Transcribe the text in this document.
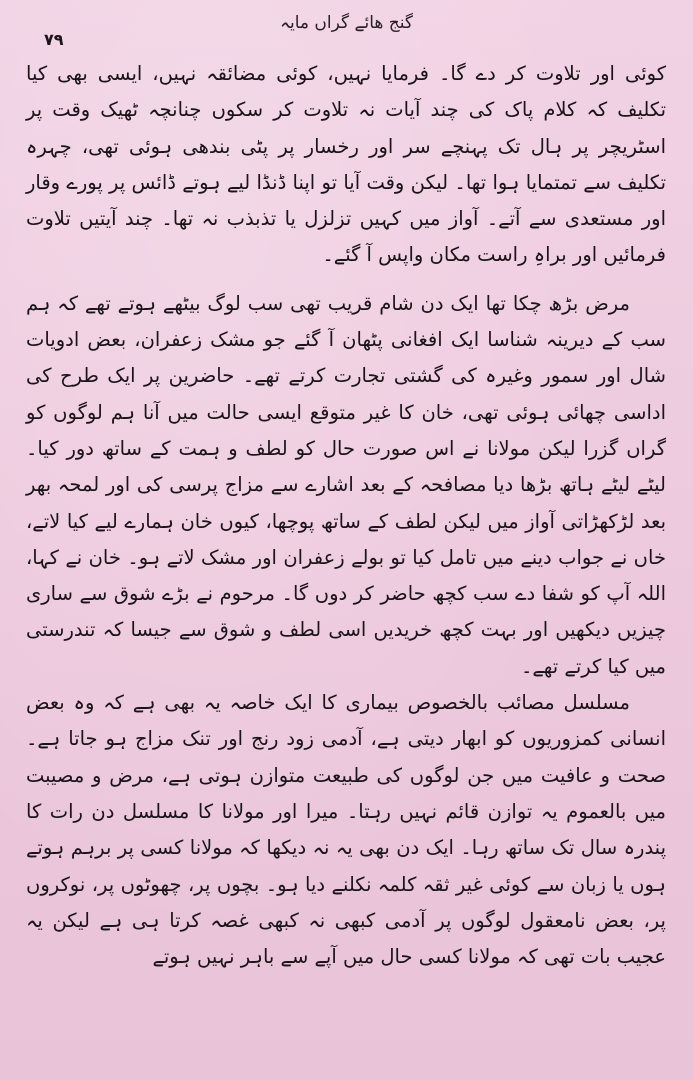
گنج ھائے گراں مایہ
۷۹

کوئی اور تلاوت کر دے گا۔ فرمایا نہیں، کوئی مضائقہ نہیں، ایسی بھی کیا تکلیف کہ کلام پاک کی چند آیات نہ تلاوت کر سکوں چنانچہ ٹھیک وقت پر اسٹریچر پر ہال تک پہنچے سر اور رخسار پر پٹی بندھی ہوئی تھی، چہرہ تکلیف سے تمتمایا ہوا تھا۔ لیکن وقت آیا تو اپنا ڈنڈا لیے ہوتے ڈائس پر پورے وقار اور مستعدی سے آتے۔ آواز میں کہیں تزلزل یا تذبذب نہ تھا۔ چند آیتیں تلاوت فرمائیں اور براہِ راست مکان واپس آ گئے۔

مرض بڑھ چکا تھا ایک دن شام قریب تھی سب لوگ بیٹھے ہوتے تھے کہ ہم سب کے دیرینہ شناسا ایک افغانی پٹھان آ گئے جو مشک زعفران، بعض ادویات شال اور سمور وغیرہ کی گشتی تجارت کرتے تھے۔ حاضرین پر ایک طرح کی اداسی چھائی ہوئی تھی، خان کا غیر متوقع ایسی حالت میں آنا ہم لوگوں کو گراں گزرا لیکن مولانا نے اس صورت حال کو لطف و ہمت کے ساتھ دور کیا۔ لیٹے لیٹے ہاتھ بڑھا دیا مصافحہ کے بعد اشارے سے مزاج پرسی کی اور لمحہ بھر بعد لڑکھڑاتی آواز میں لیکن لطف کے ساتھ پوچھا، کیوں خان ہمارے لیے کیا لاتے، خاں نے جواب دینے میں تامل کیا تو بولے زعفران اور مشک لاتے ہو۔ خان نے کہا، اللہ آپ کو شفا دے سب کچھ حاضر کر دوں گا۔ مرحوم نے بڑے شوق سے ساری چیزیں دیکھیں اور بہت کچھ خریدیں اسی لطف و شوق سے جیسا کہ تندرستی میں کیا کرتے تھے۔

مسلسل مصائب بالخصوص بیماری کا ایک خاصہ یہ بھی ہے کہ وہ بعض انسانی کمزوریوں کو ابھار دیتی ہے، آدمی زود رنج اور تنک مزاج ہو جاتا ہے۔ صحت و عافیت میں جن لوگوں کی طبیعت متوازن ہوتی ہے، مرض و مصیبت میں بالعموم یہ توازن قائم نہیں رہتا۔ میرا اور مولانا کا مسلسل دن رات کا پندرہ سال تک ساتھ رہا۔ ایک دن بھی یہ نہ دیکھا کہ مولانا کسی پر برہم ہوتے ہوں یا زبان سے کوئی غیر ثقہ کلمہ نکلنے دیا ہو۔ بچوں پر، چھوٹوں پر، نوکروں پر، بعض نامعقول لوگوں پر آدمی کبھی نہ کبھی غصہ کرتا ہی ہے لیکن یہ عجیب بات تھی کہ مولانا کسی حال میں آپے سے باہر نہیں ہوتے
